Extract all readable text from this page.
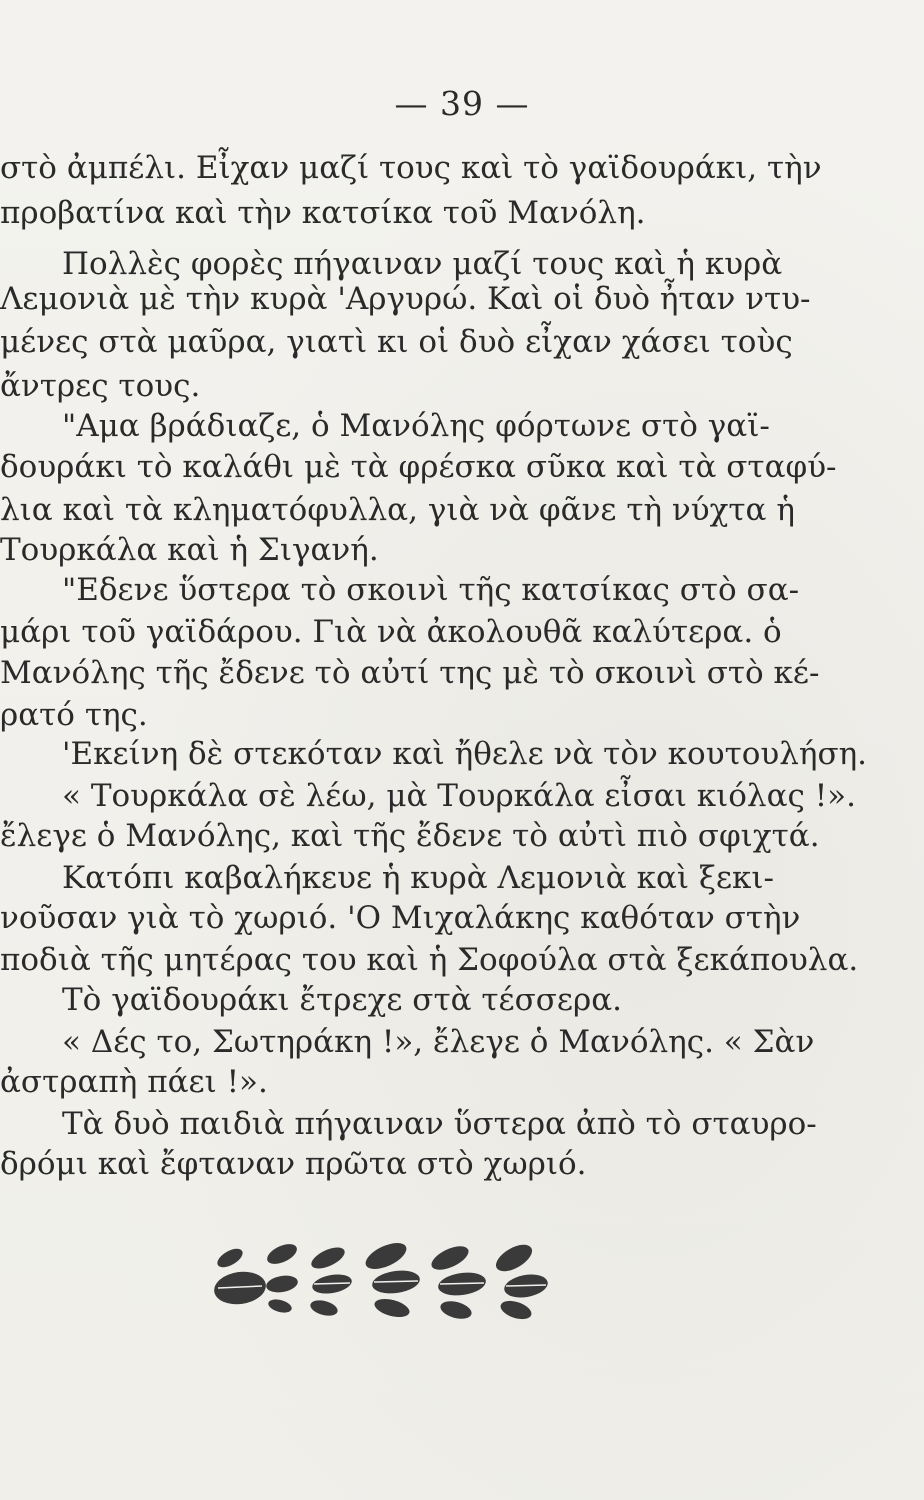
— 39 —
στὸ ἀμπέλι. Εἶχαν μαζί τους καὶ τὸ γαϊδουράκι, τὴν
προβατίνα καὶ τὴν κατσίκα τοῦ Μανόλη.
Πολλὲς φορὲς πήγαιναν μαζί τους καὶ ἡ κυρὰ
Λεμονιὰ μὲ τὴν κυρὰ 'Αργυρώ. Καὶ οἱ δυὸ ἦταν ντυ-
μένες στὰ μαῦρα, γιατὶ κι οἱ δυὸ εἶχαν χάσει τοὺς
ἄντρες τους.
"Αμα βράδιαζε, ὁ Μανόλης φόρτωνε στὸ γαϊ-
δουράκι τὸ καλάθι μὲ τὰ φρέσκα σῦκα καὶ τὰ σταφύ-
λια καὶ τὰ κληματόφυλλα, γιὰ νὰ φᾶνε τὴ νύχτα ἡ
Τουρκάλα καὶ ἡ Σιγανή.
"Εδενε ὕστερα τὸ σκοινὶ τῆς κατσίκας στὸ σα-
μάρι τοῦ γαϊδάρου. Γιὰ νὰ ἀκολουθᾶ καλύτερα. ὁ
Μανόλης τῆς ἔδενε τὸ αὐτί της μὲ τὸ σκοινὶ στὸ κέ-
ρατό της.
'Εκείνη δὲ στεκόταν καὶ ἤθελε νὰ τὸν κουτουλήση.
« Τουρκάλα σὲ λέω, μὰ Τουρκάλα εἶσαι κιόλας !».
ἔλεγε ὁ Μανόλης, καὶ τῆς ἔδενε τὸ αὐτὶ πιὸ σφιχτά.
Κατόπι καβαλήκευε ἡ κυρὰ Λεμονιὰ καὶ ξεκι-
νοῦσαν γιὰ τὸ χωριό. 'Ο Μιχαλάκης καθόταν στὴν
ποδιὰ τῆς μητέρας του καὶ ἡ Σοφούλα στὰ ξεκάπουλα.
Τὸ γαϊδουράκι ἔτρεχε στὰ τέσσερα.
« Δές το, Σωτηράκη !», ἔλεγε ὁ Μανόλης. « Σὰν
ἀστραπὴ πάει !».
Τὰ δυὸ παιδιὰ πήγαιναν ὕστερα ἀπὸ τὸ σταυρο-
δρόμι καὶ ἔφταναν πρῶτα στὸ χωριό.
